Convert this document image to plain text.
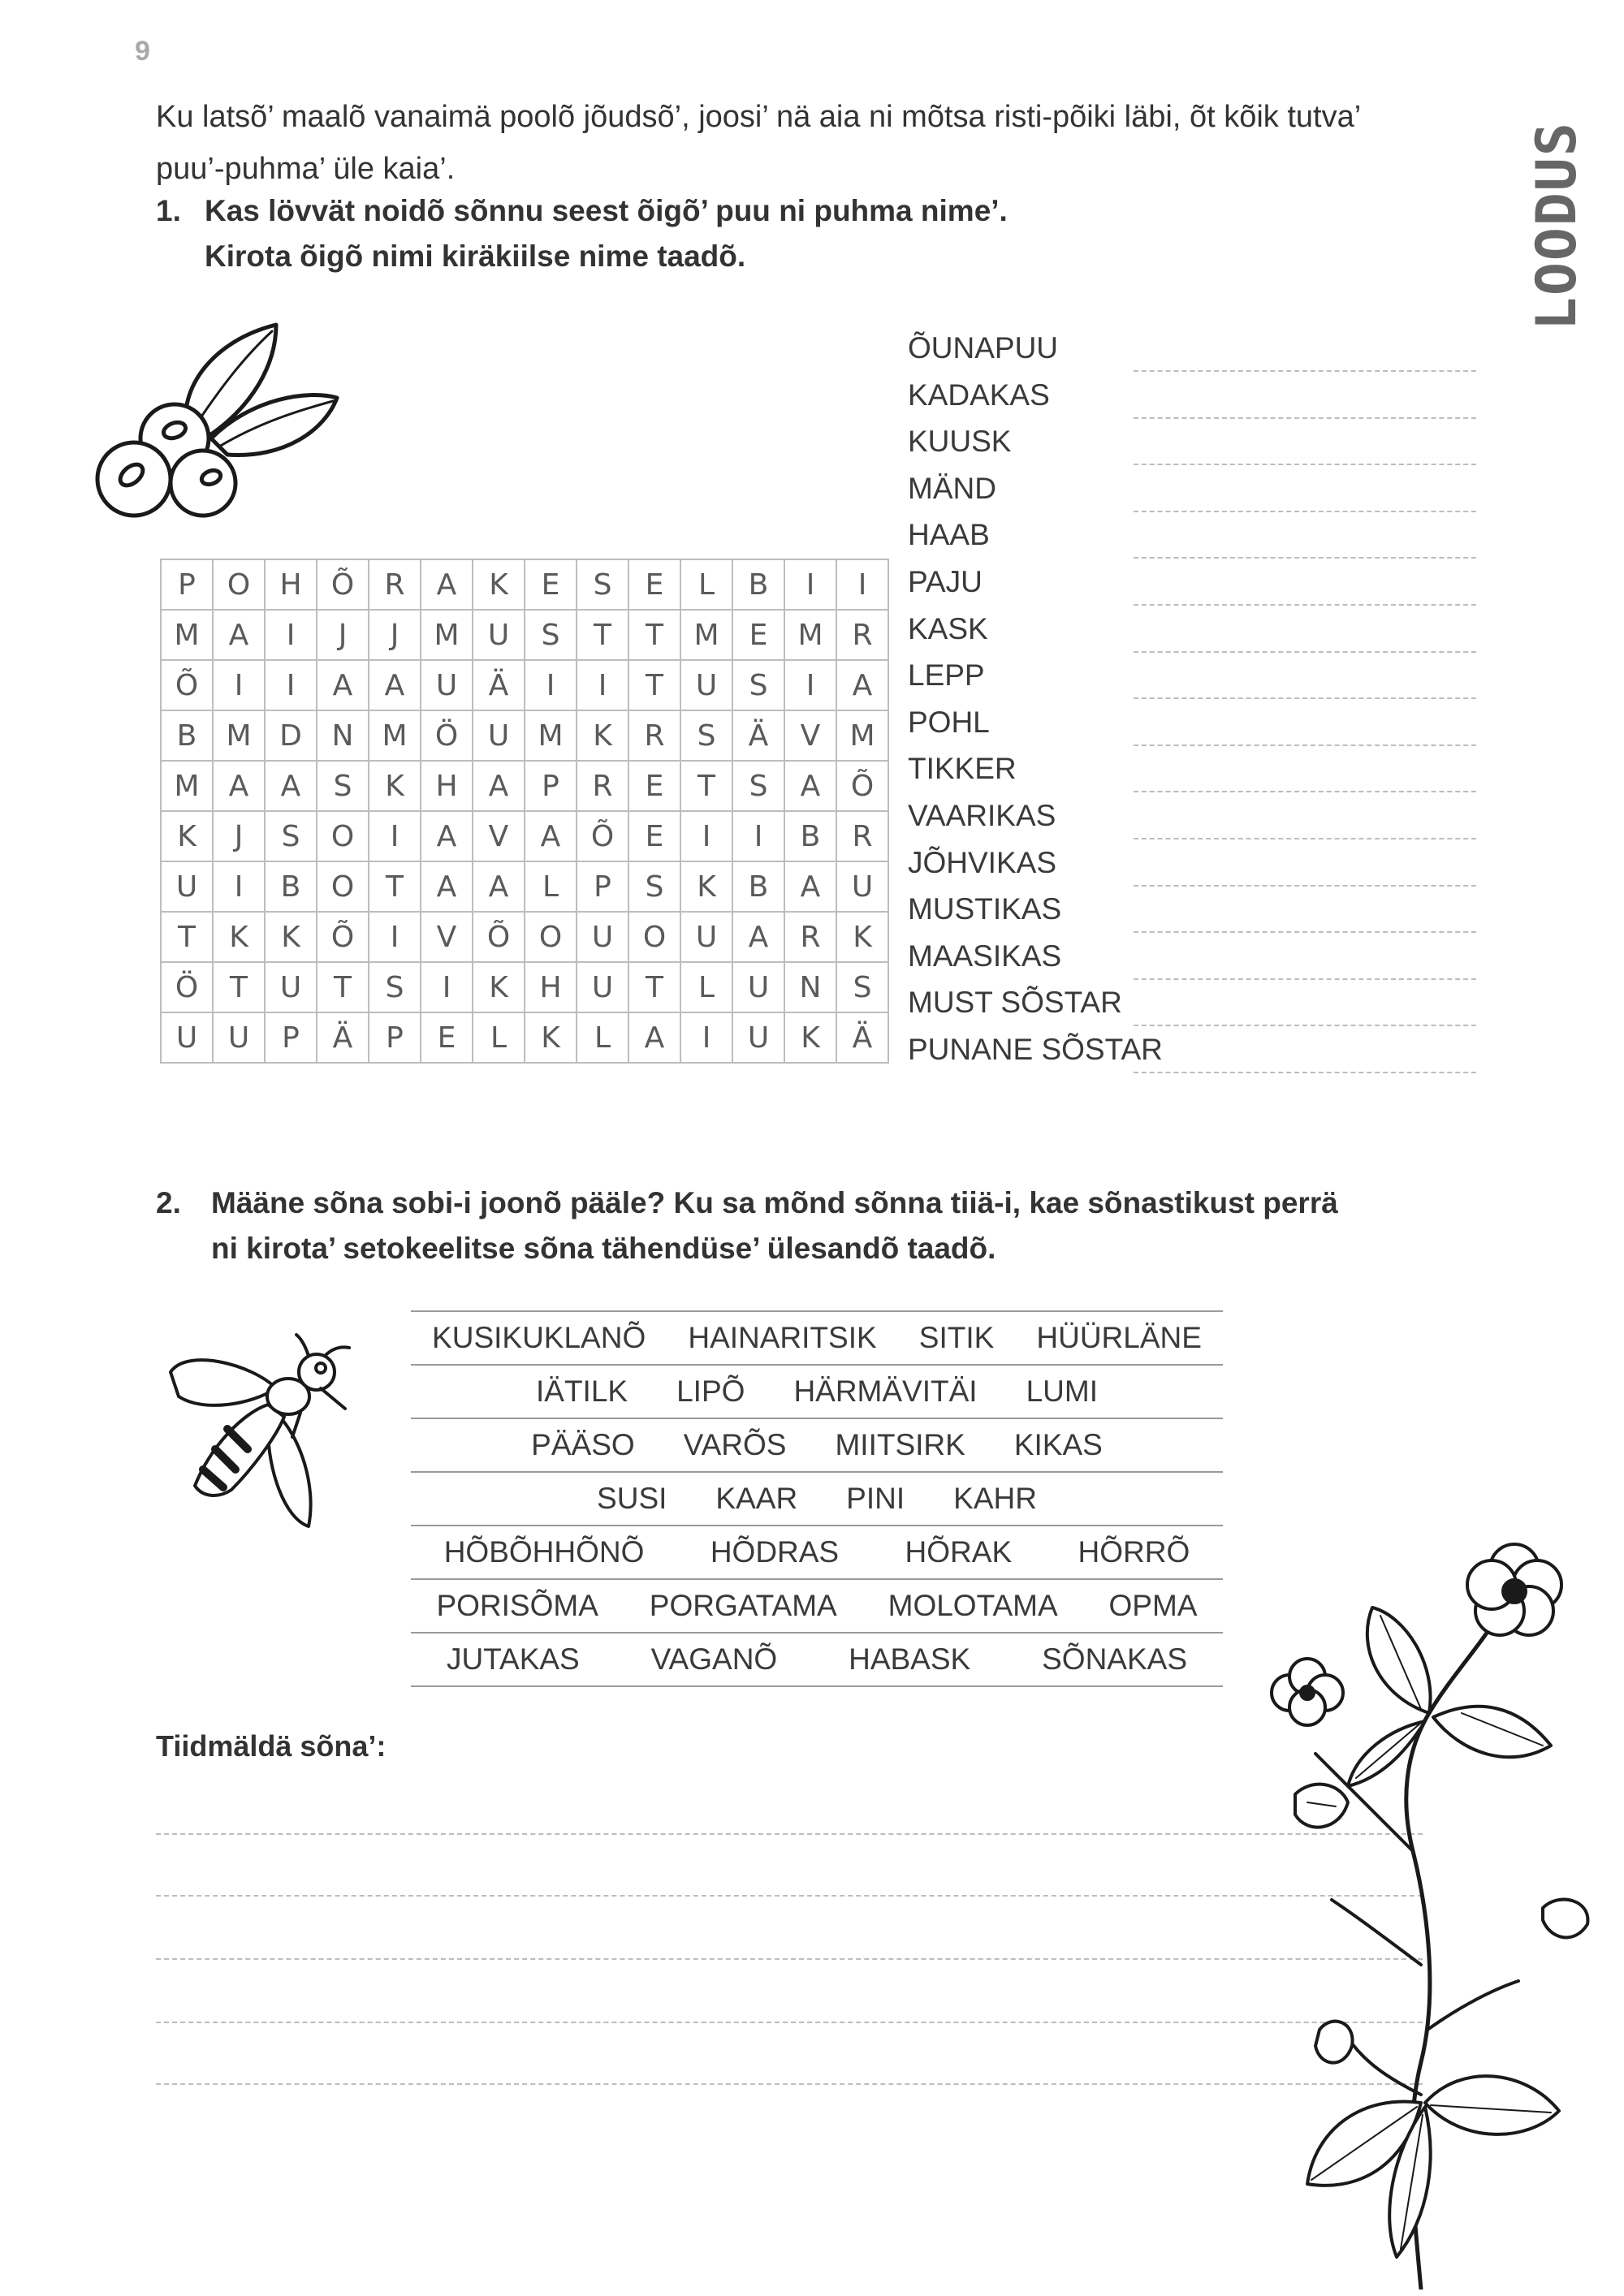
9
LOODUS
Ku latsõ’ maalõ vanaimä poolõ jõudsõ’, joosi’ nä aia ni mõtsa risti-põiki läbi, õt kõik tutva’ puu’-puhma’ üle kaia’.
1. Kas lövvät noidõ sõnnu seest õigõ’ puu ni puhma nime’.
Kirota õigõ nimi kiräkiilse nime taadõ.
P	O	H	Õ	R	A	K	E	S	E	L	B	I	I
M	A	I	J	J	M	U	S	T	T	M	E	M	R
Õ	I	I	A	A	U	Ä	I	I	T	U	S	I	A
B	M	D	N	M	Ö	U	M	K	R	S	Ä	V	M
M	A	A	S	K	H	A	P	R	E	T	S	A	Õ
K	J	S	O	I	A	V	A	Õ	E	I	I	B	R
U	I	B	O	T	A	A	L	P	S	K	B	A	U
T	K	K	Õ	I	V	Õ	O	U	O	U	A	R	K
Ö	T	U	T	S	I	K	H	U	T	L	U	N	S
U	U	P	Ä	P	E	L	K	L	A	I	U	K	Ä
ÕUNAPUU
KADAKAS
KUUSK
MÄND
HAAB
PAJU
KASK
LEPP
POHL
TIKKER
VAARIKAS
JÕHVIKAS
MUSTIKAS
MAASIKAS
MUST SÕSTAR
PUNANE SÕSTAR
2.	Määne sõna sobi-i joonõ pääle? Ku sa mõnd sõnna tiiä-i, kae sõnastikust perrä
ni kirota’ setokeelitse sõna tähendüse’ ülesandõ taadõ.
KUSIKUKLANÕ HAINARITSIK SITIK HÜÜRLÄNE
IÄTILK LIPÕ HÄRMÄVITÄI LUMI
PÄÄSO VARÕS MIITSIRK KIKAS
SUSI KAAR PINI KAHR
HÕBÕHHÕNÕ HÕDRAS HÕRAK HÕRRÕ
PORISÕMA PORGATAMA MOLOTAMA OPMA
JUTAKAS VAGANÕ HABASK SÕNAKAS
Tiidmäldä sõna’:
